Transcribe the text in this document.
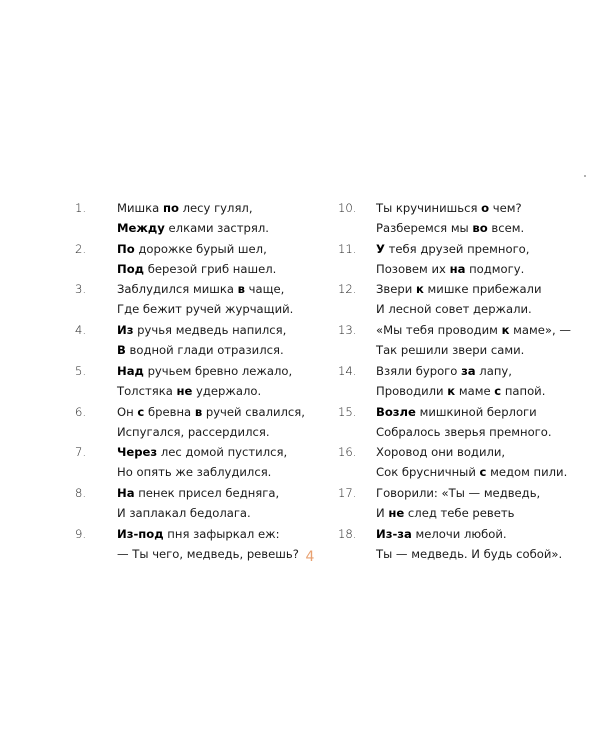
1.	Мишка по лесу гулял,
Между елками застрял.
2.	По дорожке бурый шел,
Под березой гриб нашел.
3.	Заблудился мишка в чаще,
Где бежит ручей журчащий.
4.	Из ручья медведь напился,
В водной глади отразился.
5.	Над ручьем бревно лежало,
Толстяка не удержало.
6.	Он с бревна в ручей свалился,
Испугался, рассердился.
7.	Через лес домой пустился,
Но опять же заблудился.
8.	На пенек присел бедняга,
И заплакал бедолага.
9.	Из-под пня зафыркал еж:
— Ты чего, медведь, ревешь?
10.	Ты кручинишься о чем?
Разберемся мы во всем.
11.	У тебя друзей премного,
Позовем их на подмогу.
12.	Звери к мишке прибежали
И лесной совет держали.
13.	«Мы тебя проводим к маме», —
Так решили звери сами.
14.	Взяли бурого за лапу,
Проводили к маме с папой.
15.	Возле мишкиной берлоги
Собралось зверья премного.
16.	Хоровод они водили,
Сок брусничный с медом пили.
17.	Говорили: «Ты — медведь,
И не след тебе реветь
18.	Из-за мелочи любой.
Ты — медведь. И будь собой».
4
